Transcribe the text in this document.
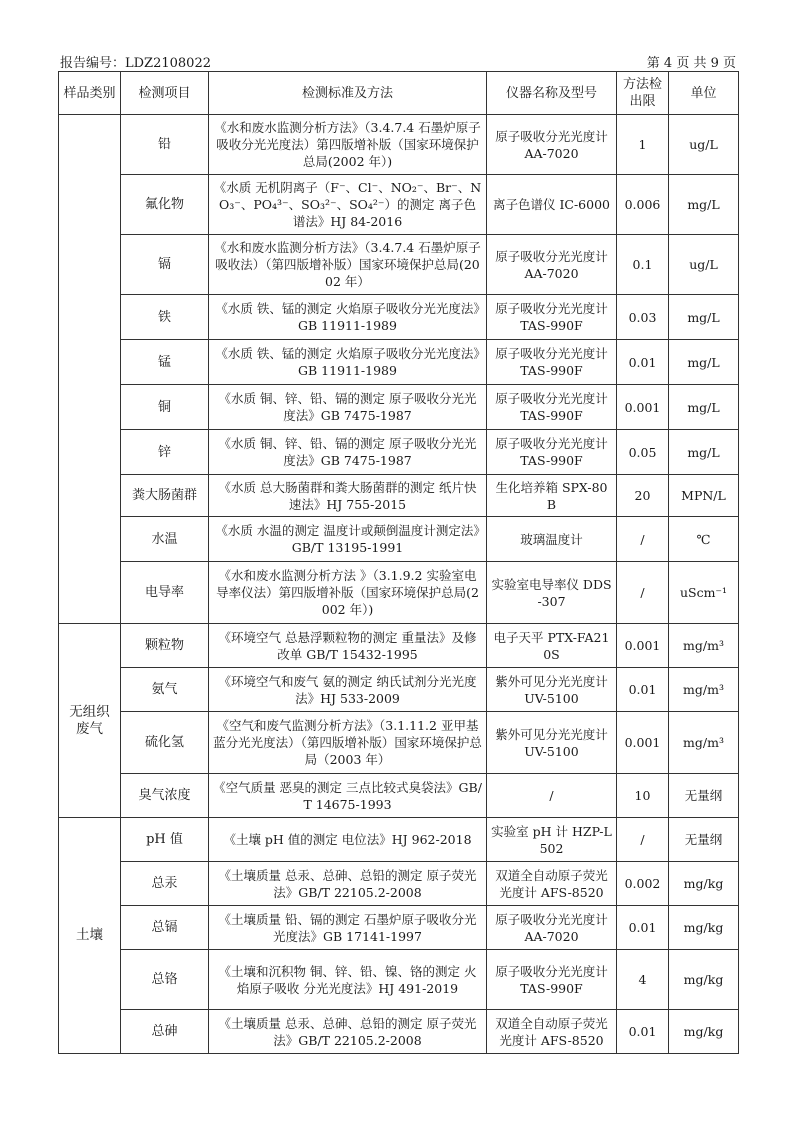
报告编号：LDZ2108022	第 4 页 共 9 页
样品类别	检测项目	检测标准及方法	仪器名称及型号	方法检出限	单位
	铅	《水和废水监测分析方法》（3.4.7.4 石墨炉原子吸收分光光度法）第四版增补版（国家环境保护总局(2002 年）)	原子吸收分光光度计 AA-7020	1	ug/L
	氟化物	《水质 无机阴离子（F⁻、Cl⁻、NO₂⁻、Br⁻、NO₃⁻、PO₄³⁻、SO₃²⁻、SO₄²⁻）的测定 离子色谱法》HJ 84-2016	离子色谱仪 IC-6000	0.006	mg/L
	镉	《水和废水监测分析方法》（3.4.7.4 石墨炉原子吸收法）（第四版增补版）国家环境保护总局(2002 年）	原子吸收分光光度计 AA-7020	0.1	ug/L
	铁	《水质 铁、锰的测定 火焰原子吸收分光光度法》GB 11911-1989	原子吸收分光光度计 TAS-990F	0.03	mg/L
	锰	《水质 铁、锰的测定 火焰原子吸收分光光度法》GB 11911-1989	原子吸收分光光度计 TAS-990F	0.01	mg/L
	铜	《水质 铜、锌、铅、镉的测定 原子吸收分光光度法》GB 7475-1987	原子吸收分光光度计 TAS-990F	0.001	mg/L
	锌	《水质 铜、锌、铅、镉的测定 原子吸收分光光度法》GB 7475-1987	原子吸收分光光度计 TAS-990F	0.05	mg/L
	粪大肠菌群	《水质 总大肠菌群和粪大肠菌群的测定 纸片快速法》HJ 755-2015	生化培养箱 SPX-80B	20	MPN/L
	水温	《水质 水温的测定 温度计或颠倒温度计测定法》GB/T 13195-1991	玻璃温度计	/	℃
	电导率	《水和废水监测分析方法 》（3.1.9.2 实验室电导率仪法）第四版增补版（国家环境保护总局(2002 年）)	实验室电导率仪 DDS-307	/	uScm⁻¹
无组织废气	颗粒物	《环境空气 总悬浮颗粒物的测定 重量法》及修改单 GB/T 15432-1995	电子天平 PTX-FA210S	0.001	mg/m³
	氨气	《环境空气和废气 氨的测定 纳氏试剂分光光度法》HJ 533-2009	紫外可见分光光度计 UV-5100	0.01	mg/m³
	硫化氢	《空气和废气监测分析方法》（3.1.11.2 亚甲基蓝分光光度法）（第四版增补版）国家环境保护总局（2003 年）	紫外可见分光光度计 UV-5100	0.001	mg/m³
	臭气浓度	《空气质量 恶臭的测定 三点比较式臭袋法》GB/T 14675-1993	/	10	无量纲
土壤	pH 值	《土壤 pH 值的测定 电位法》HJ 962-2018	实验室 pH 计 HZP-L502	/	无量纲
	总汞	《土壤质量 总汞、总砷、总铅的测定 原子荧光法》GB/T 22105.2-2008	双道全自动原子荧光光度计 AFS-8520	0.002	mg/kg
	总镉	《土壤质量 铅、镉的测定 石墨炉原子吸收分光光度法》GB 17141-1997	原子吸收分光光度计 AA-7020	0.01	mg/kg
	总铬	《土壤和沉积物 铜、锌、铅、镍、铬的测定 火焰原子吸收 分光光度法》HJ 491-2019	原子吸收分光光度计 TAS-990F	4	mg/kg
	总砷	《土壤质量 总汞、总砷、总铅的测定 原子荧光法》GB/T 22105.2-2008	双道全自动原子荧光光度计 AFS-8520	0.01	mg/kg
